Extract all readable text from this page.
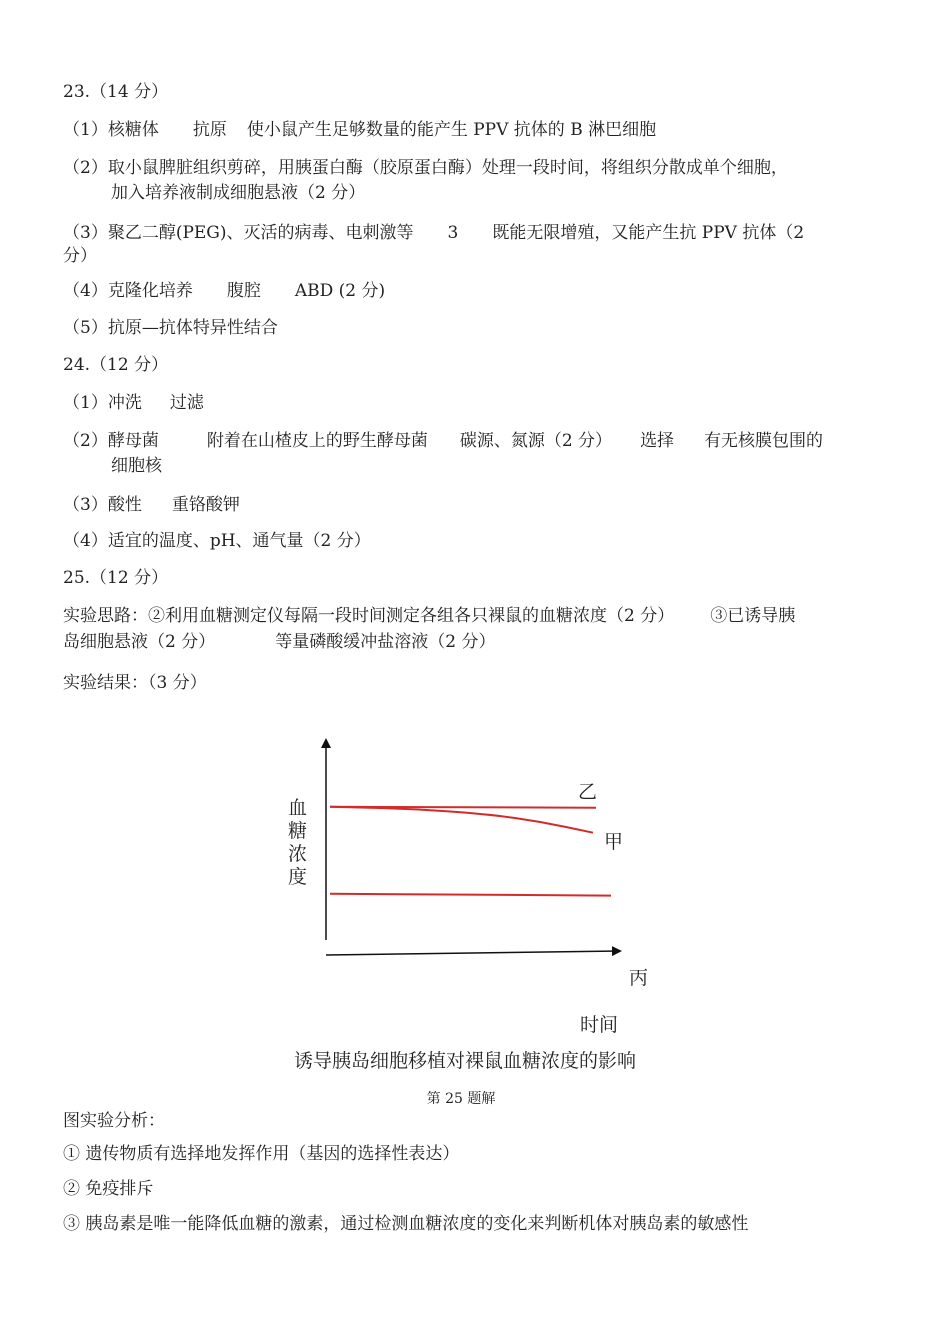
23.（14 分）
（1）核糖体 抗原 使小鼠产生足够数量的能产生 PPV 抗体的 B 淋巴细胞
（2）取小鼠脾脏组织剪碎，用胰蛋白酶（胶原蛋白酶）处理一段时间，将组织分散成单个细胞，
加入培养液制成细胞悬液（2 分）
（3）聚乙二醇(PEG)、灭活的病毒、电刺激等 3 既能无限增殖，又能产生抗 PPV 抗体（2
分）
（4）克隆化培养 腹腔 ABD (2 分)
（5）抗原—抗体特异性结合
24.（12 分）
（1）冲洗 过滤
（2）酵母菌	附着在山楂皮上的野生酵母菌 碳源、氮源（2 分） 选择 有无核膜包围的
细胞核
（3）酸性 重铬酸钾
（4）适宜的温度、pH、通气量（2 分）
25.（12 分）
实验思路：②利用血糖测定仪每隔一段时间测定各组各只裸鼠的血糖浓度（2 分） ③已诱导胰
岛细胞悬液（2 分）	等量磷酸缓冲盐溶液（2 分）
实验结果：（3 分）
血
糖
浓
度
乙
甲
丙
时间
诱导胰岛细胞移植对裸鼠血糖浓度的影响
第 25 题解
图实验分析：
① 遗传物质有选择地发挥作用（基因的选择性表达）
② 免疫排斥
③ 胰岛素是唯一能降低血糖的激素，通过检测血糖浓度的变化来判断机体对胰岛素的敏感性
